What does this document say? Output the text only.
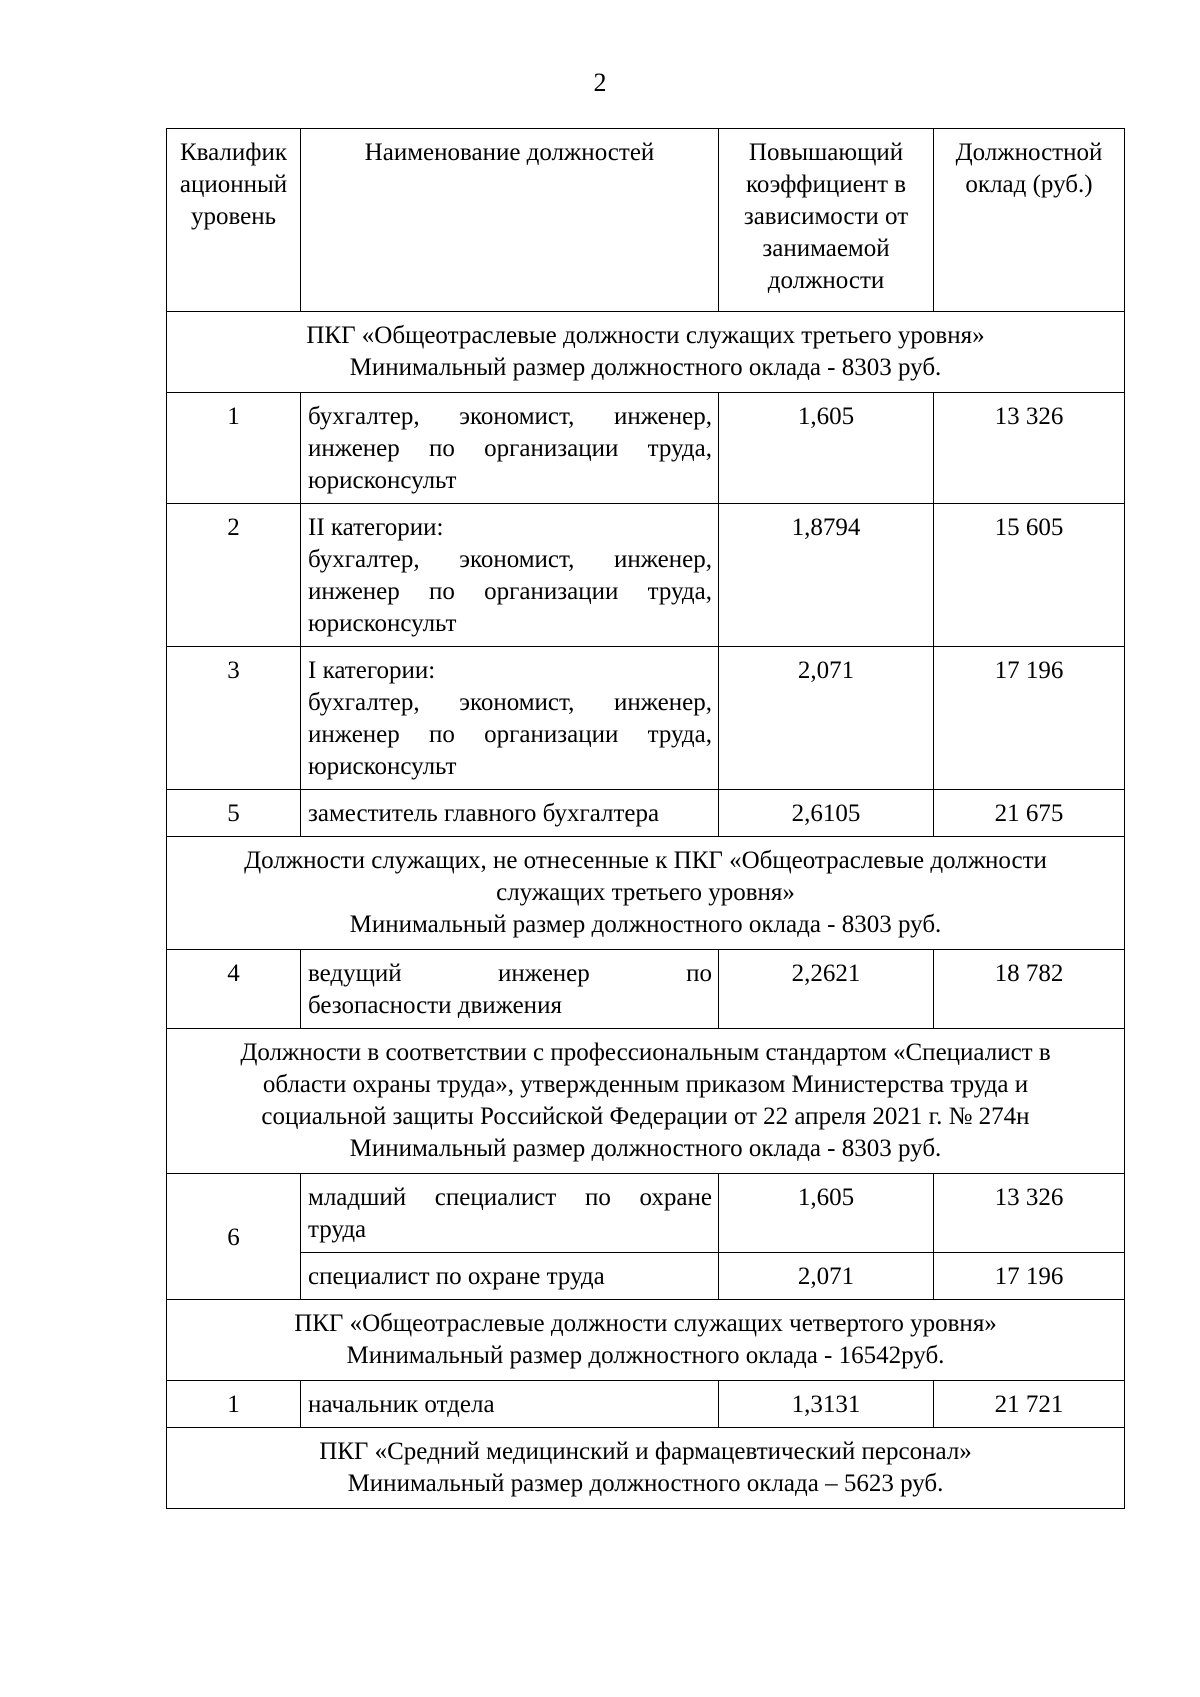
2
Квалифик
ационный
уровень	Наименование должностей	Повышающий
коэффициент в
зависимости от
занимаемой
должности	Должностной
оклад (руб.)

ПКГ «Общеотраслевые должности служащих третьего уровня»
Минимальный размер должностного оклада - 8303 руб.			

1	бухгалтер, экономист, инженер,
инженер по организации труда,
юрисконсульт	1,605	13 326
2	II категории:
бухгалтер, экономист, инженер,
инженер по организации труда,
юрисконсульт	1,8794	15 605
3	I категории:
бухгалтер, экономист, инженер,
инженер по организации труда,
юрисконсульт	2,071	17 196
5	заместитель главного бухгалтера	2,6105	21 675

Должности служащих, не отнесенные к ПКГ «Общеотраслевые должности
служащих третьего уровня»
Минимальный размер должностного оклада - 8303 руб.			

4	ведущий инженер по
безопасности движения	2,2621	18 782

Должности в соответствии с профессиональным стандартом «Специалист в
области охраны труда», утвержденным приказом Министерства труда и
социальной защиты Российской Федерации от 22 апреля 2021 г. № 274н
Минимальный размер должностного оклада - 8303 руб.			

6	младший специалист по охране
труда	1,605	13 326

	специалист по охране труда	2,071	17 196

ПКГ «Общеотраслевые должности служащих четвертого уровня»
Минимальный размер должностного оклада - 16542руб.			

1	начальник отдела	1,3131	21 721

ПКГ «Средний медицинский и фармацевтический персонал»
Минимальный размер должностного оклада – 5623 руб.			
